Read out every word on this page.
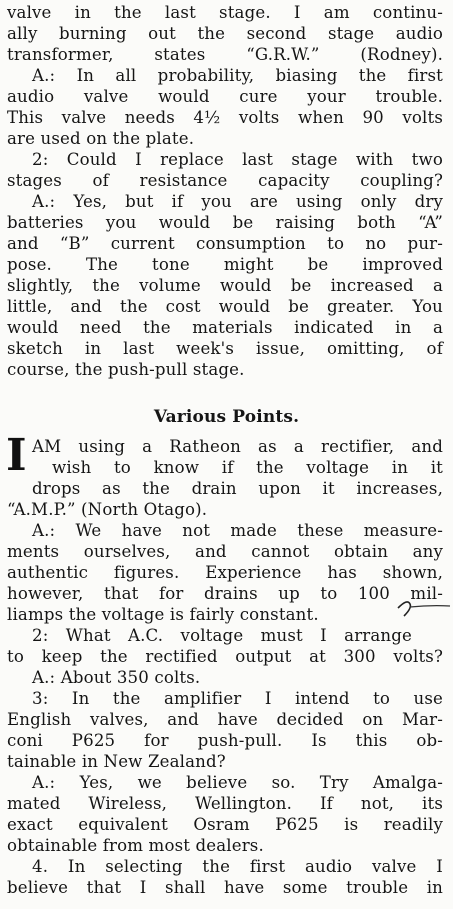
valve in the last stage. I am continu-
ally burning out the second stage audio
transformer, states “G.R.W.” (Rodney).
A.: In all probability, biasing the first
audio valve would cure your trouble.
This valve needs 4½ volts when 90 volts
are used on the plate.
2: Could I replace last stage with two
stages of resistance capacity coupling?
A.: Yes, but if you are using only dry
batteries you would be raising both “A”
and “B” current consumption to no pur-
pose. The tone might be improved
slightly, the volume would be increased a
little, and the cost would be greater. You
would need the materials indicated in a
sketch in last week's issue, omitting, of
course, the push-pull stage.
Various Points.
I AM using a Ratheon as a rectifier, and
wish to know if the voltage in it
drops as the drain upon it increases,
“A.M.P.” (North Otago).
A.: We have not made these measure-
ments ourselves, and cannot obtain any
authentic figures. Experience has shown,
however, that for drains up to 100 mil-
liamps the voltage is fairly constant.
2: What A.C. voltage must I arrange
to keep the rectified output at 300 volts?
A.: About 350 colts.
3: In the amplifier I intend to use
English valves, and have decided on Mar-
coni P625 for push-pull. Is this ob-
tainable in New Zealand?
A.: Yes, we believe so. Try Amalga-
mated Wireless, Wellington. If not, its
exact equivalent Osram P625 is readily
obtainable from most dealers.
4. In selecting the first audio valve I
believe that I shall have some trouble in
